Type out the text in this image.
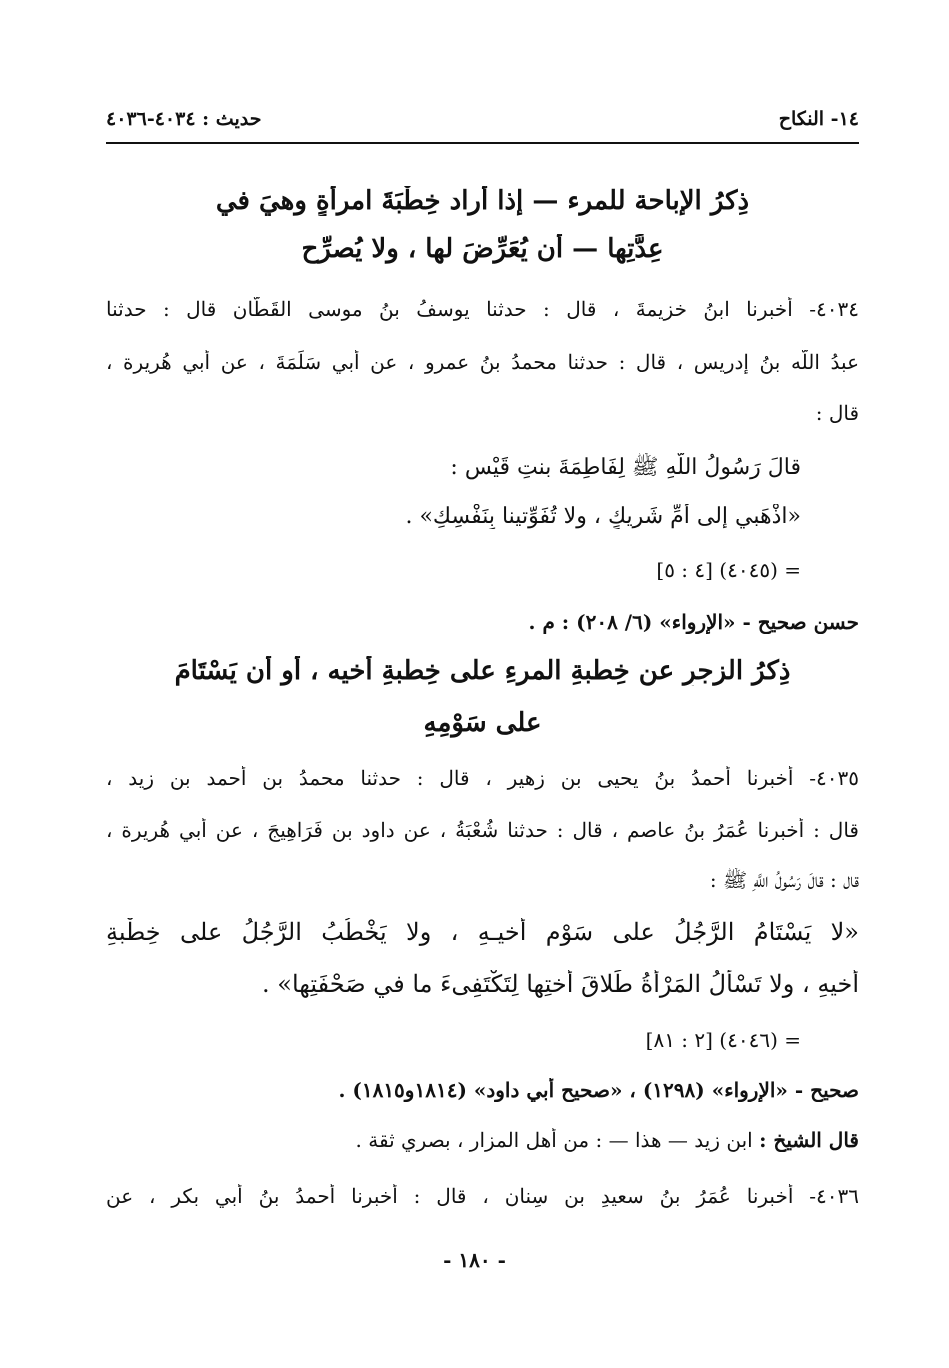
١٤- النكاح
حديث : ٤٠٣٤-٤٠٣٦
ذِكرُ الإباحة للمرء — إذا أراد خِطْبَةَ امرأةٍ وهيَ في
عِدَّتِها — أن يُعَرِّضَ لها ، ولا يُصرِّح
٤٠٣٤- أخبرنا ابنُ خزيمةَ ، قال : حدثنا يوسفُ بنُ موسى القَطَّان قال : حدثنا
عبدُ اللَّه بنُ إدريس ، قال : حدثنا محمدُ بنُ عمروٍ ، عن أبي سَلَمَةَ ، عن أبي هُريرة ،
قال :
قالَ رَسُولُ اللَّهِ ﷺ لِفَاطِمَةَ بنتِ قَيْس :
«اذْهَبي إلى أُمِّ شَريكٍ ، ولا تُفَوِّتينا بِنَفْسِكِ» .
= (٤٠٤٥) [٤ : ٥]
حسن صحيح - «الإرواء» (٦/ ٢٠٨) : م .
ذِكرُ الزجرِ عن خِطبةِ المرءِ على خِطبةِ أخيه ، أو أن يَسْتَامَ
على سَوْمِهِ
٤٠٣٥- أخبرنا أحمدُ بنُ يحيى بن زهير ، قال : حدثنا محمدُ بن أحمد بن زيد ،
قال : أخبرنا عُمَرُ بنُ عاصمٍ ، قال : حدثنا شُعْبَةُ ، عن داود بن فَرَاهِيجَ ، عن أبي هُريرة ،
قال : قالَ رَسُولُ اللَّهِ ﷺ :
«لا يَسْتَامُ الرَّجُلُ على سَوْمِ أخيـهِ ، ولا يَخْطُبُ الرَّجُلُ على خِطْبةِ
أخيهِ ، ولا تَسْأَلُ المَرْأَةُ طَلاقَ أُختِها لِتَكْتَفِىءَ ما في صَحْفَتِها» .
= (٤٠٤٦) [٢ : ٨١]
صحيح - «الإرواء» (١٢٩٨) ، «صحيح أبي داود» (١٨١٤و١٨١٥) .
قال الشيخ : ابن زيد — هذا — : من أهل المزار ، بصري ثقة .
٤٠٣٦- أخبرنا عُمَرُ بنُ سعيدِ بنِ سِنان ، قال : أخبرنا أحمدُ بنُ أبي بكرٍ ، عن
- ١٨٠ -
